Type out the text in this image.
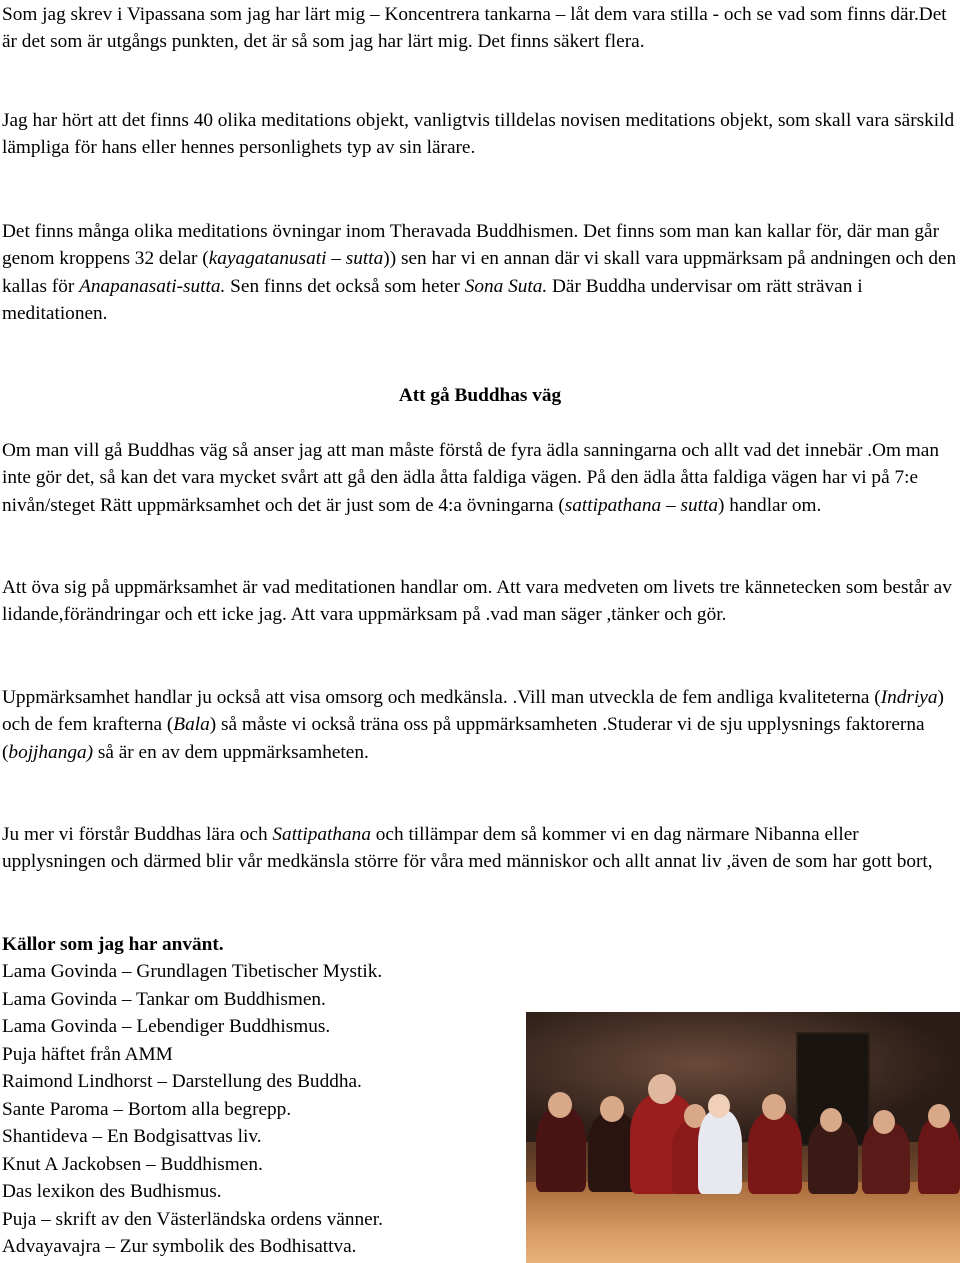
Som jag skrev i Vipassana som jag har lärt mig – Koncentrera tankarna – låt dem vara stilla - och se vad som finns där.Det är det som är utgångs punkten, det är så som jag har lärt mig. Det finns säkert flera.

Jag har hört att det finns 40 olika meditations objekt, vanligtvis tilldelas novisen meditations objekt, som skall vara särskild lämpliga för hans eller hennes personlighets typ av sin lärare.

Det finns många olika meditations övningar inom Theravada Buddhismen. Det finns som man kan kallar för, där man går genom kroppens 32 delar (kayagatanusati – sutta)) sen har vi en annan där vi skall vara uppmärksam på andningen och den kallas för Anapanasati-sutta. Sen finns det också som heter Sona Suta. Där Buddha undervisar om rätt strävan i meditationen.

Att gå Buddhas väg

Om man vill gå Buddhas väg så anser jag att man måste förstå de fyra ädla sanningarna och allt vad det innebär .Om man inte gör det, så kan det vara mycket svårt att gå den ädla åtta faldiga vägen. På den ädla åtta faldiga vägen har vi på 7:e nivån/steget Rätt uppmärksamhet och det är just som de 4:a övningarna (sattipathana – sutta) handlar om.

Att öva sig på uppmärksamhet är vad meditationen handlar om. Att vara medveten om livets tre kännetecken som består av lidande,förändringar och ett icke jag. Att vara uppmärksam på .vad man säger ,tänker och gör.

Uppmärksamhet handlar ju också att visa omsorg och medkänsla. .Vill man utveckla de fem andliga kvaliteterna (Indriya) och de fem krafterna (Bala) så måste vi också träna oss på uppmärksamheten .Studerar vi de sju upplysnings faktorerna (bojjhanga) så är en av dem uppmärksamheten.

Ju mer vi förstår Buddhas lära och Sattipathana och tillämpar dem så kommer vi en dag närmare Nibanna eller upplysningen och därmed blir vår medkänsla större för våra med människor och allt annat liv ,även de som har gott bort,

Källor som jag har använt.

Lama Govinda – Grundlagen Tibetischer Mystik.
Lama Govinda – Tankar om Buddhismen.
Lama Govinda – Lebendiger Buddhismus.
Puja häftet från AMM
Raimond Lindhorst – Darstellung des Buddha.
Sante Paroma – Bortom alla begrepp.
Shantideva – En Bodgisattvas liv.
Knut A Jackobsen – Buddhismen.
Das lexikon des Budhismus.
Puja – skrift av den Västerländska ordens vänner.
Advayavajra – Zur symbolik des Bodhisattva.
